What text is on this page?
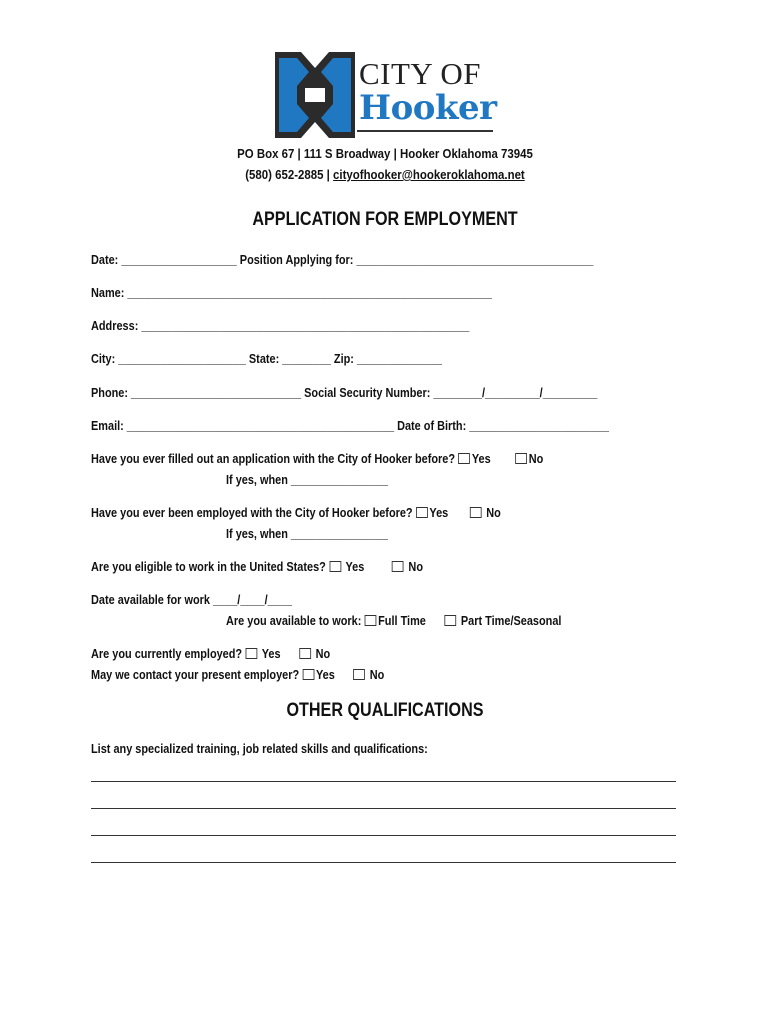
CITY OF
Hooker
PO Box 67 | 111 S Broadway | Hooker Oklahoma 73945
(580) 652-2885 | cityofhooker@hookeroklahoma.net
APPLICATION FOR EMPLOYMENT
Date: ___________________ Position Applying for: _______________________________________
Name: ____________________________________________________________
Address: ______________________________________________________
City: _____________________ State: ________ Zip: ______________
Phone: ____________________________ Social Security Number: ________/_________/_________
Email: ____________________________________________ Date of Birth: _______________________
Have you ever filled out an application with the City of Hooker before? Yes	No
If yes, when ________________
Have you ever been employed with the City of Hooker before? Yes	No
If yes, when ________________
Are you eligible to work in the United States? Yes	No
Date available for work ____/____/____
Are you available to work: Full Time	Part Time/Seasonal
Are you currently employed? Yes	No
May we contact your present employer? Yes	No
OTHER QUALIFICATIONS
List any specialized training, job related skills and qualifications:
